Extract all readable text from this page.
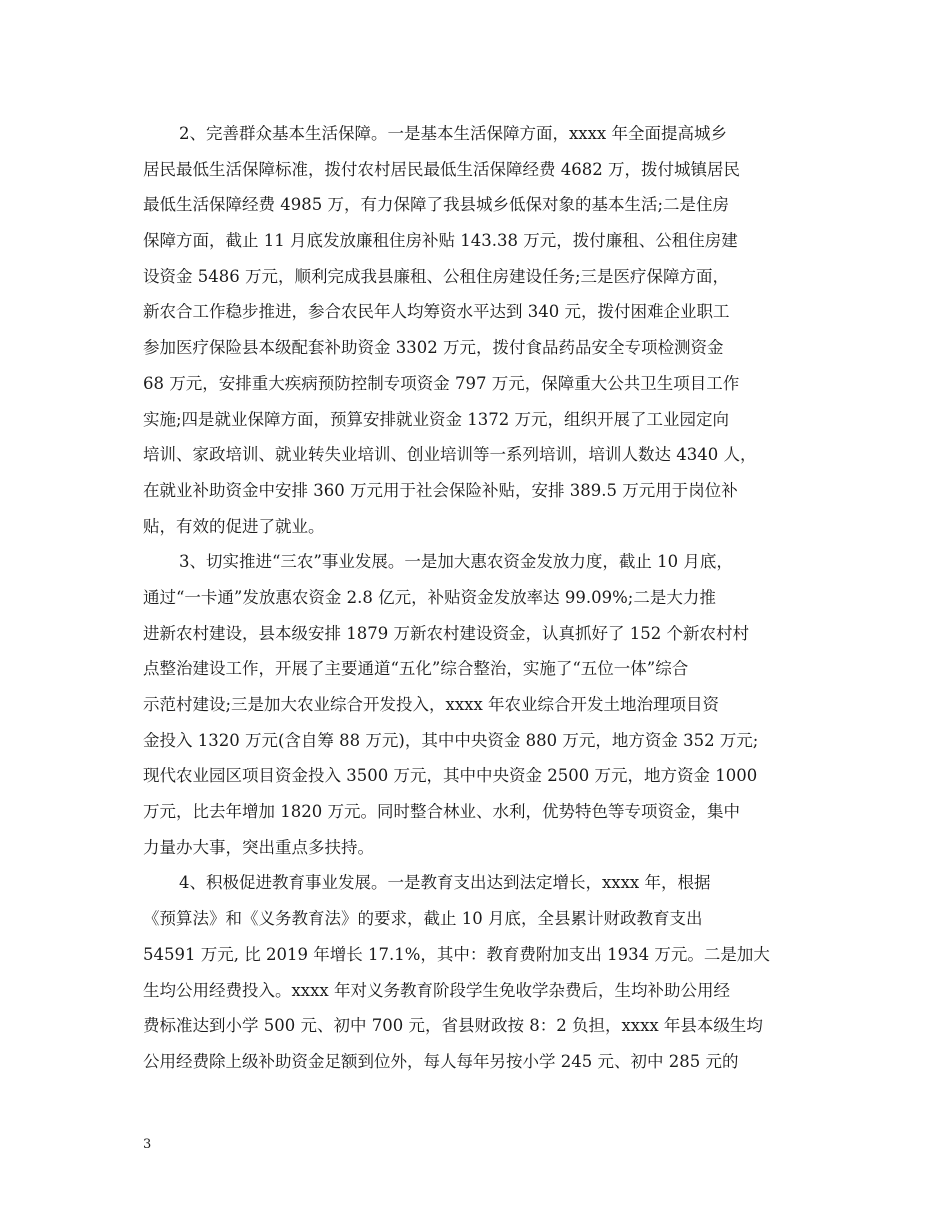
2、完善群众基本生活保障。一是基本生活保障方面，xxxx 年全面提高城乡
居民最低生活保障标准，拨付农村居民最低生活保障经费 4682 万，拨付城镇居民
最低生活保障经费 4985 万，有力保障了我县城乡低保对象的基本生活;二是住房
保障方面，截止 11 月底发放廉租住房补贴 143.38 万元，拨付廉租、公租住房建
设资金 5486 万元，顺利完成我县廉租、公租住房建设任务;三是医疗保障方面，
新农合工作稳步推进，参合农民年人均筹资水平达到 340 元，拨付困难企业职工
参加医疗保险县本级配套补助资金 3302 万元，拨付食品药品安全专项检测资金
68 万元，安排重大疾病预防控制专项资金 797 万元，保障重大公共卫生项目工作
实施;四是就业保障方面，预算安排就业资金 1372 万元，组织开展了工业园定向
培训、家政培训、就业转失业培训、创业培训等一系列培训，培训人数达 4340 人，
在就业补助资金中安排 360 万元用于社会保险补贴，安排 389.5 万元用于岗位补
贴，有效的促进了就业。
3、切实推进“三农”事业发展。一是加大惠农资金发放力度，截止 10 月底，
通过“一卡通”发放惠农资金 2.8 亿元，补贴资金发放率达 99.09%;二是大力推
进新农村建设，县本级安排 1879 万新农村建设资金，认真抓好了 152 个新农村村
点整治建设工作，开展了主要通道“五化”综合整治，实施了“五位一体”综合
示范村建设;三是加大农业综合开发投入，xxxx 年农业综合开发土地治理项目资
金投入 1320 万元(含自筹 88 万元)，其中中央资金 880 万元，地方资金 352 万元;
现代农业园区项目资金投入 3500 万元，其中中央资金 2500 万元，地方资金 1000
万元，比去年增加 1820 万元。同时整合林业、水利，优势特色等专项资金，集中
力量办大事，突出重点多扶持。
4、积极促进教育事业发展。一是教育支出达到法定增长，xxxx 年，根据
《预算法》和《义务教育法》的要求，截止 10 月底，全县累计财政教育支出
54591 万元, 比 2019 年增长 17.1%，其中：教育费附加支出 1934 万元。二是加大
生均公用经费投入。xxxx 年对义务教育阶段学生免收学杂费后，生均补助公用经
费标准达到小学 500 元、初中 700 元，省县财政按 8：2 负担，xxxx 年县本级生均
公用经费除上级补助资金足额到位外，每人每年另按小学 245 元、初中 285 元的
3
